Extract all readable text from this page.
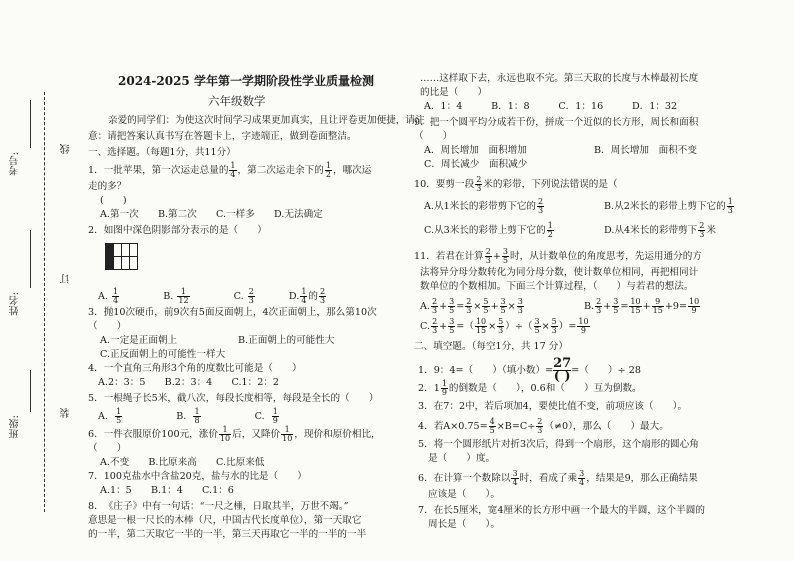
考号:
姓名:
班级:
线
订
装
2024-2025 学年第一学期阶段性学业质量检测
六年级数学
亲爱的同学们：为使这次时间学习成果更加真实，且让评卷更加便捷，请注
意：请把答案认真书写在答题卡上，字迹端正，做到卷面整洁。
一、选择题。（每题1分，共11分）
1．一批苹果，第一次运走总量的 $\frac{1}{4}$ ，第二次运走余下的 $\frac{1}{2}$ ，哪次运
走的多？
(　　)
A.第一次　　B.第二次　　C.一样多　　D.无法确定
2．如图中深色阴影部分表示的是（　　）
A. $\frac{1}{4}$	B. $\frac{1}{12}$	C. $\frac{2}{3}$	D. $\frac{1}{4}$ 的 $\frac{2}{3}$
3．抛10次硬币，前9次有5面反面朝上，4次正面朝上，那么第10次
（　　）
A.一定是正面朝上	B.正面朝上的可能性大
C.正反面朝上的可能性一样大
4．一个直角三角形3个角的度数比可能是（　　）
A.2：3：5　　B.2：3：4　　C.1：2：2
5．一根绳子长5米，截八次，每段长度相等，每段是全长的（　　）
A. $\frac{1}{5}$	B. $\frac{1}{8}$	C. $\frac{1}{9}$
6．一件衣服原价100元，涨价 $\frac{1}{10}$ 后，又降价 $\frac{1}{10}$ ，现价和原价相比，
（　　）
A.不变　　B.比原来高　　C.比原来低
7．100克盐水中含盐20克，盐与水的比是（　　）
A.1：5　　B.1：4　　C.1：6
8．　《庄子》中有一句话：“一尺之棰，日取其半，万世不竭。”
意思是一根一尺长的木棒（尺，中国古代长度单位），第一天取它
的一半，第二天取它一半的一半，第三天再取它一半的一半的一半
……这样取下去，永远也取不完。第三天取的长度与木棒最初长度
的比是（　　）
A．1：4　　　B．1：8　　　C．1：16　　　D．1：32
9．把一个圆平均分成若干份，拼成一个近似的长方形，周长和面积
（　　）
A．周长增加　面积增加	B．周长增加　面积不变
C．周长减少　面积减少
10．要剪一段 $\frac{2}{3}$ 米的彩带，下列说法错误的是（
A.从1米长的彩带剪下它的 $\frac{2}{3}$	B.从2米长的彩带上剪下它的 $\frac{1}{3}$
C.从3米长的彩带上剪下它的 $\frac{1}{2}$	D.从4米长的彩带剪下 $\frac{2}{3}$ 米
11．若君在计算 $\frac{2}{3} + \frac{3}{5}$ 时，从计数单位的角度思考，先运用通分的方
法将异分母分数转化为同分母分数，使计数单位相同，再把相同计
数单位的个数相加。下面三个计算过程，（　　）与若君的想法。
A. $\frac{2}{3} + \frac{3}{5} = \frac{2}{3} \times \frac{5}{5} + \frac{3}{5} \times \frac{3}{3}$	B. $\frac{2}{3} + \frac{3}{5} = \frac{10}{15} + \frac{9}{15} +9= \frac{10}{9}$
C. $\frac{2}{3} + \frac{3}{5}$ =（ $\frac{10}{15} \times \frac{5}{3}$ ）÷（ $\frac{3}{5} \times \frac{5}{3}$ ）= $\frac{10}{9}$
二、填空题。（每空1分，共 17 分）
1．9：4=（　　）（填小数）= 27
( )=（　　）÷ 28
2．$1 \frac{1}{9}$ 的倒数是（　　），0.6和（　　）互为倒数。
3．在7：2中，若后项加4，要使比值不变，前项应该（　　）。
4．若$A\times 0.75= \frac{4}{5} \times B=C\div \frac{2}{3} (\ne 0)$，那么（　　）最大。
5．将一个圆形纸片对折3次后，得到一个扇形，这个扇形的圆心角
是（　　）度。
6．在计算一个数除以 $\frac{3}{4}$ 时，看成了乘 $\frac{3}{4}$ ，结果是9，那么正确结果
应该是（　　）。
7．在长5厘米，宽4厘米的长方形中画一个最大的半圆，这个半圆的
周长是（　　）。
